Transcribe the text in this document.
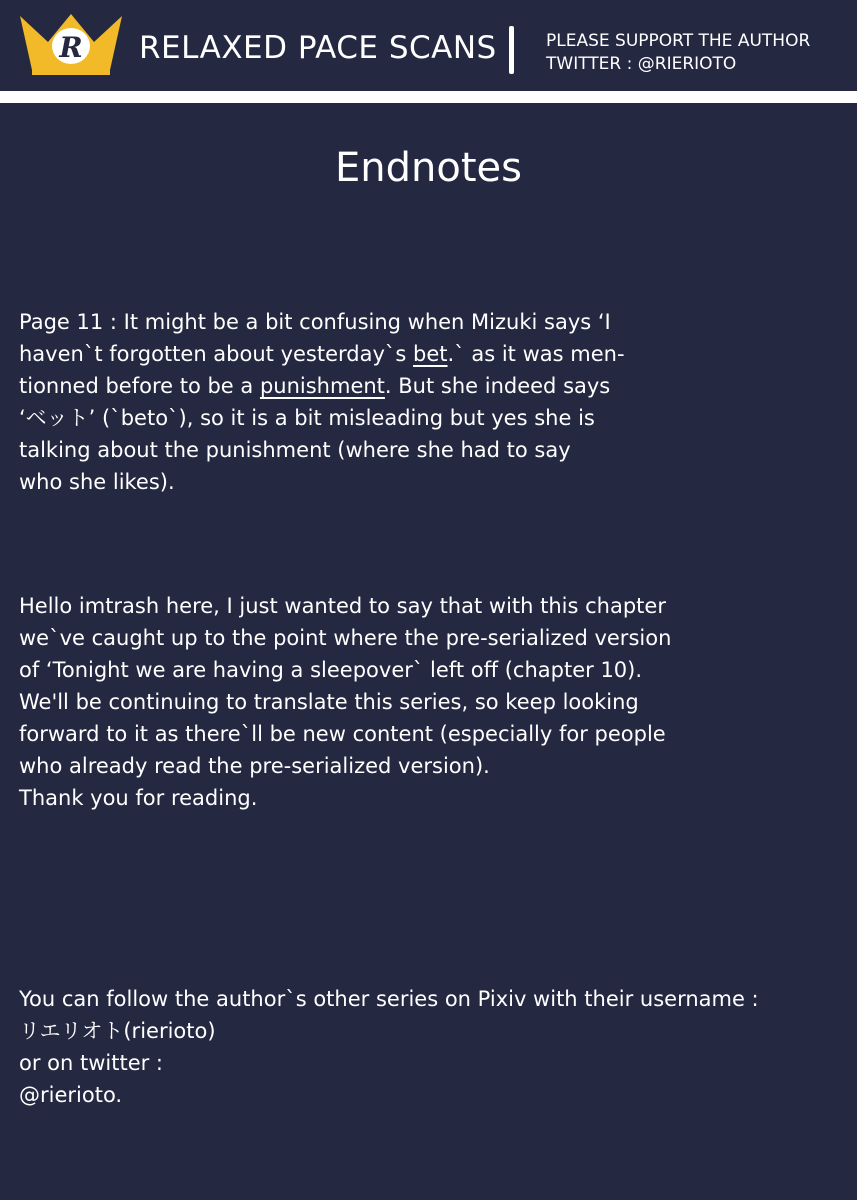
R RELAXED PACE SCANS	PLEASE SUPPORT THE AUTHOR
TWITTER : @RIERIOTO
Endnotes
Page 11 : It might be a bit confusing when Mizuki says ‘I
haven`t forgotten about yesterday`s bet.` as it was men-
tionned before to be a punishment. But she indeed says
‘ベット’ (`beto`), so it is a bit misleading but yes she is
talking about the punishment (where she had to say
who she likes).
Hello imtrash here, I just wanted to say that with this chapter
we`ve caught up to the point where the pre-serialized version
of ‘Tonight we are having a sleepover` left off (chapter 10).
We'll be continuing to translate this series, so keep looking
forward to it as there`ll be new content (especially for people
who already read the pre-serialized version).
Thank you for reading.
You can follow the author`s other series on Pixiv with their username :
リエリオト(rierioto)
or on twitter :
@rierioto.
